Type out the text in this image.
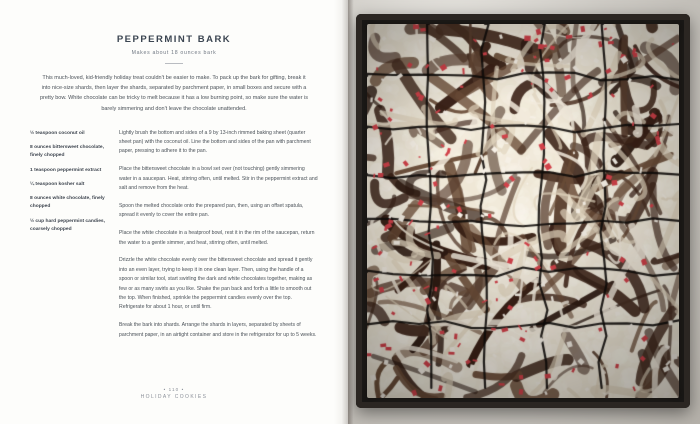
PEPPERMINT BARK
Makes about 18 ounces bark
This much-loved, kid-friendly holiday treat couldn't be easier to make. To pack up the bark for gifting, break it into nice-size shards, then layer the shards, separated by parchment paper, in small boxes and secure with a pretty bow. White chocolate can be tricky to melt because it has a low burning point, so make sure the water is barely simmering and don't leave the chocolate unattended.
½ teaspoon coconut oil
8 ounces bittersweet chocolate, finely chopped
1 teaspoon peppermint extract
¼ teaspoon kosher salt
8 ounces white chocolate, finely chopped
½ cup hard peppermint candies, coarsely chopped
Lightly brush the bottom and sides of a 9 by 13-inch rimmed baking sheet (quarter sheet pan) with the coconut oil. Line the bottom and sides of the pan with parchment paper, pressing to adhere it to the pan.
Place the bittersweet chocolate in a bowl set over (not touching) gently simmering water in a saucepan. Heat, stirring often, until melted. Stir in the peppermint extract and salt and remove from the heat.
Spoon the melted chocolate onto the prepared pan, then, using an offset spatula, spread it evenly to cover the entire pan.
Place the white chocolate in a heatproof bowl, rest it in the rim of the saucepan, return the water to a gentle simmer, and heat, stirring often, until melted.
Drizzle the white chocolate evenly over the bittersweet chocolate and spread it gently into an even layer, trying to keep it in one clean layer. Then, using the handle of a spoon or similar tool, start swirling the dark and white chocolates together, making as few or as many swirls as you like. Shake the pan back and forth a little to smooth out the top. When finished, sprinkle the peppermint candies evenly over the top. Refrigerate for about 1 hour, or until firm.
Break the bark into shards. Arrange the shards in layers, separated by sheets of parchment paper, in an airtight container and store in the refrigerator for up to 5 weeks.
• 110 •
HOLIDAY COOKIES
